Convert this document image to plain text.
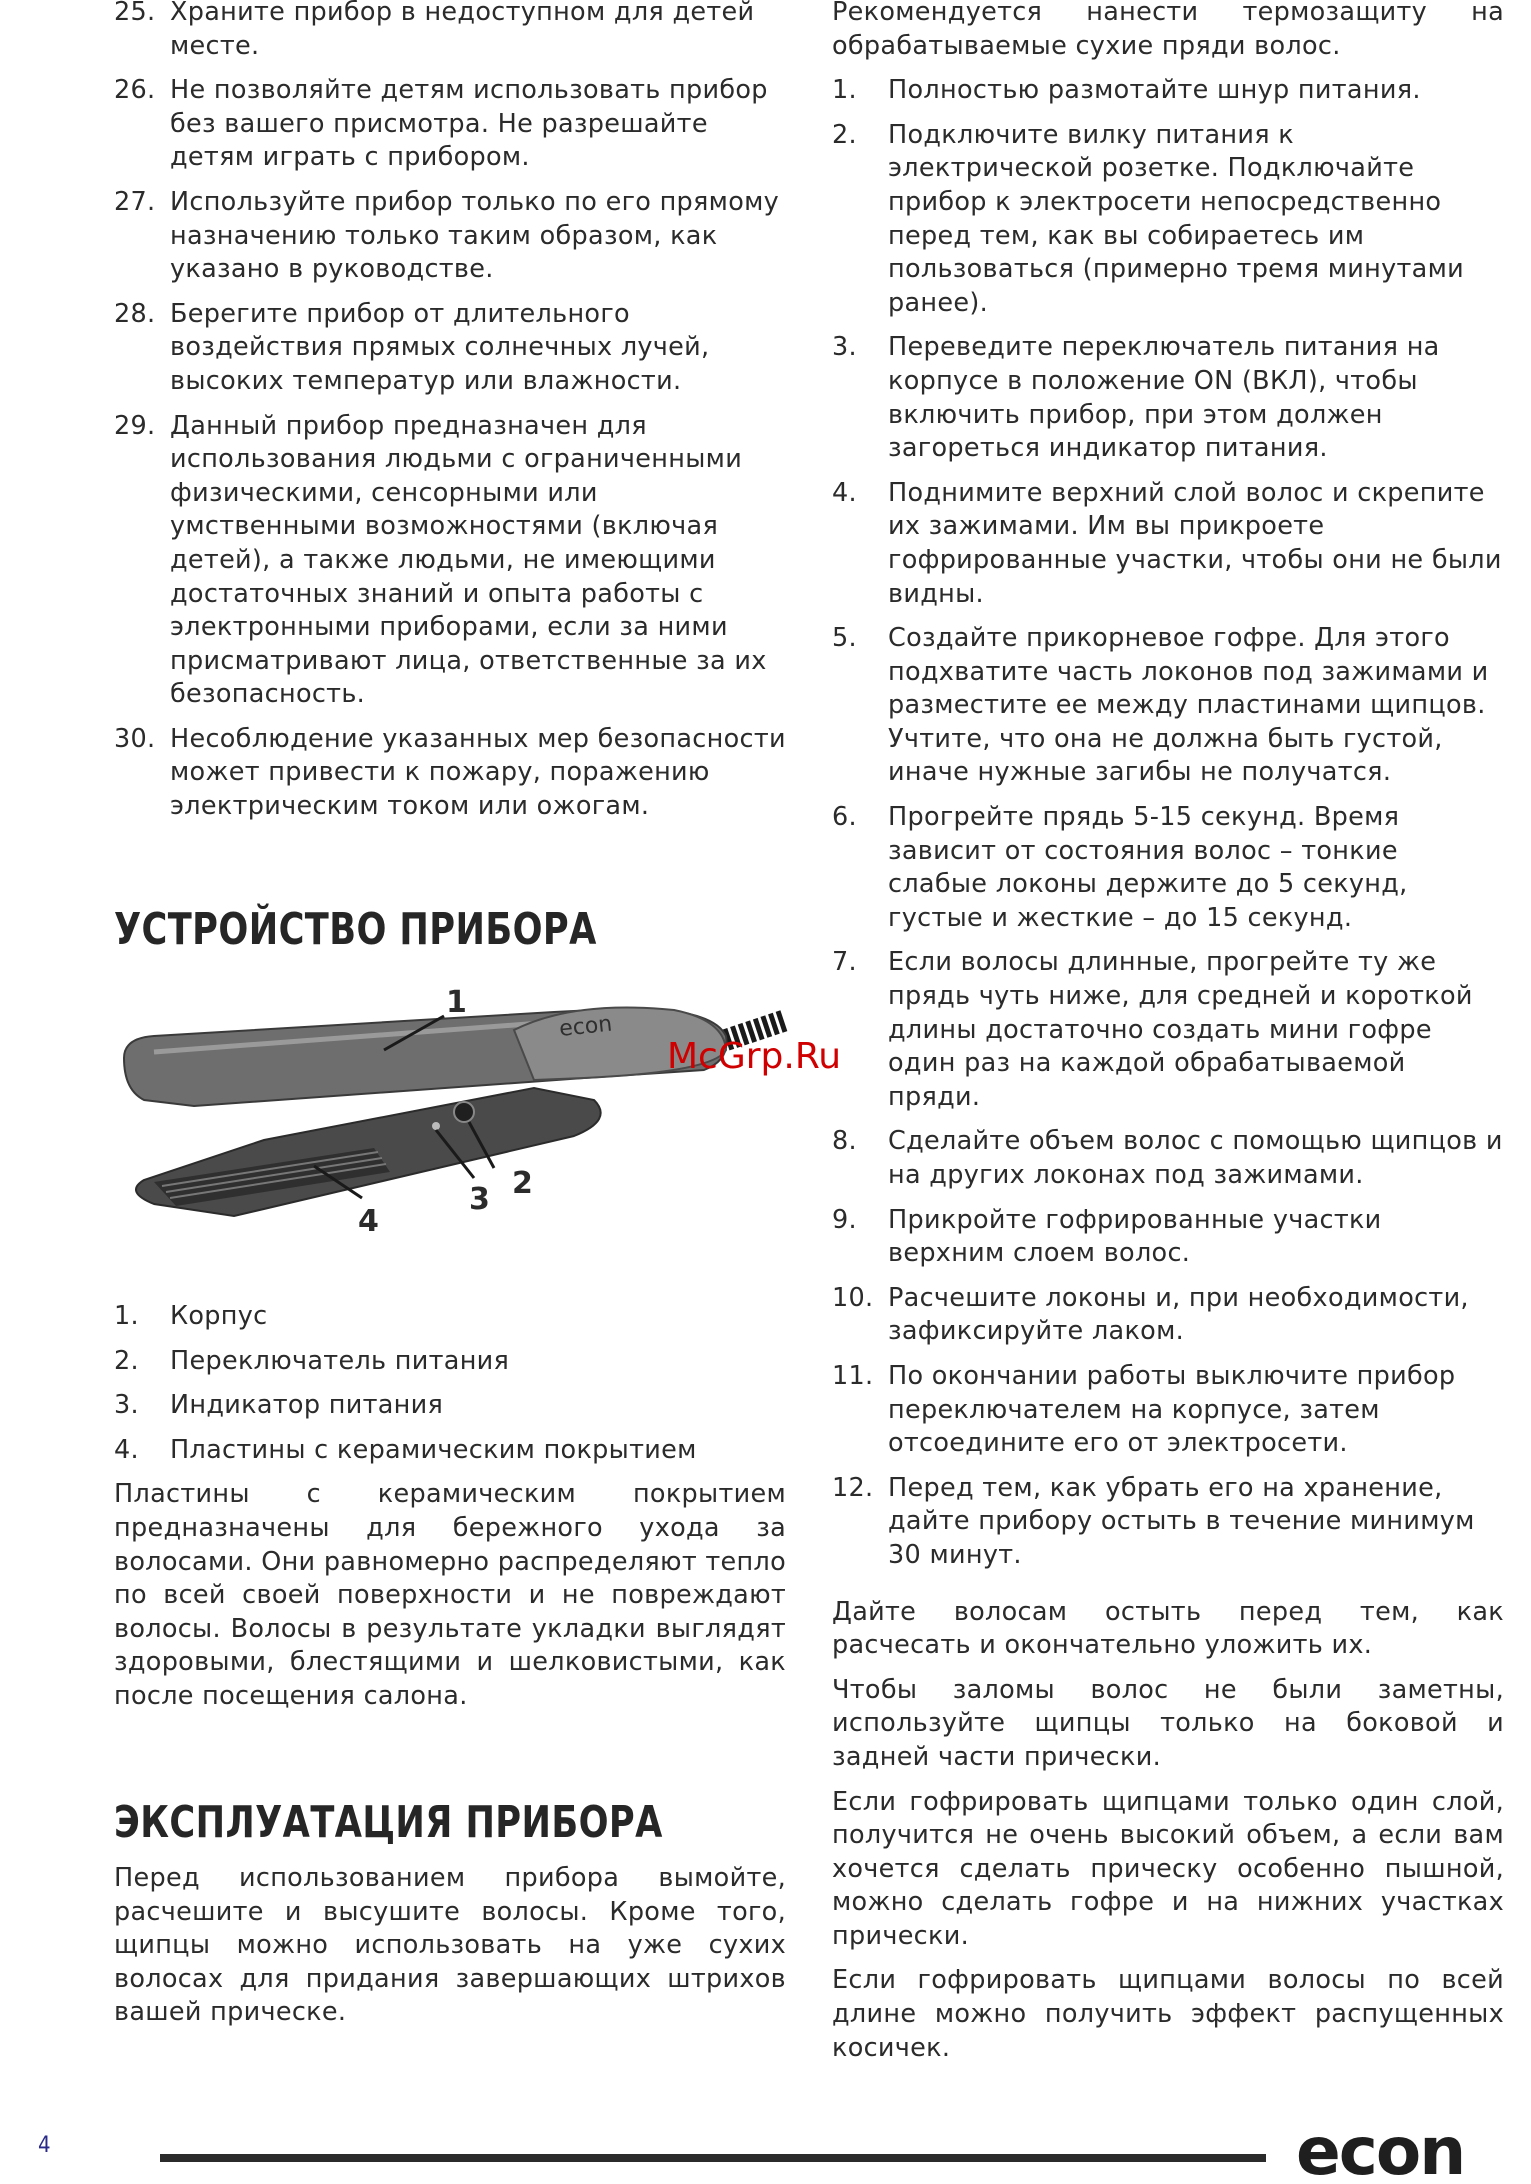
25. Храните прибор в недоступном для детей месте.
26. Не позволяйте детям использовать прибор без вашего присмотра. Не разрешайте детям играть с прибором.
27. Используйте прибор только по его прямому назначению только таким образом, как указано в руководстве.
28. Берегите прибор от длительного воздействия прямых солнечных лучей, высоких температур или влажности.
29. Данный прибор предназначен для использования людьми с ограниченными физическими, сенсорными или умственными возможностями (включая детей), а также людьми, не имеющими достаточных знаний и опыта работы с электронными приборами, если за ними присматривают лица, ответственные за их безопасность.
30. Несоблюдение указанных мер безопасности может привести к пожару, поражению электрическим током или ожогам.
УСТРОЙСТВО ПРИБОРА
econ
1
2
3
4
1. Корпус
2. Переключатель питания
3. Индикатор питания
4. Пластины с керамическим покрытием

Пластины с керамическим покрытием предназначены для бережного ухода за волосами. Они равномерно распределяют тепло по всей своей поверхности и не повреждают волосы. Волосы в результате укладки выглядят здоровыми, блестящими и шелковистыми, как после посещения салона.

ЭКСПЛУАТАЦИЯ ПРИБОРА

Перед использованием прибора вымойте, расчешите и высушите волосы. Кроме того, щипцы можно использовать на уже сухих волосах для придания завершающих штрихов вашей прическе.

Рекомендуется нанести термозащиту на обрабатываемые сухие пряди волос.

1. Полностью размотайте шнур питания.
2. Подключите вилку питания к электрической розетке. Подключайте прибор к электросети непосредственно перед тем, как вы собираетесь им пользоваться (примерно тремя минутами ранее).
3. Переведите переключатель питания на корпусе в положение ON (ВКЛ), чтобы включить прибор, при этом должен загореться индикатор питания.
4. Поднимите верхний слой волос и скрепите их зажимами. Им вы прикроете гофрированные участки, чтобы они не были видны.
5. Создайте прикорневое гофре. Для этого подхватите часть локонов под зажимами и разместите ее между пластинами щипцов. Учтите, что она не должна быть густой, иначе нужные загибы не получатся.
6. Прогрейте прядь 5-15 секунд. Время зависит от состояния волос – тонкие слабые локоны держите до 5 секунд, густые и жесткие – до 15 секунд.
7. Если волосы длинные, прогрейте ту же прядь чуть ниже, для средней и короткой длины достаточно создать мини гофре один раз на каждой обрабатываемой пряди.
8. Сделайте объем волос с помощью щипцов и на других локонах под зажимами.
9. Прикройте гофрированные участки верхним слоем волос.
10. Расчешите локоны и, при необходимости, зафиксируйте лаком.
11. По окончании работы выключите прибор переключателем на корпусе, затем отсоедините его от электросети.
12. Перед тем, как убрать его на хранение, дайте прибору остыть в течение минимум 30 минут.

Дайте волосам остыть перед тем, как расчесать и окончательно уложить их.

Чтобы заломы волос не были заметны, используйте щипцы только на боковой и задней части прически.

Если гофрировать щипцами только один слой, получится не очень высокий объем, а если вам хочется сделать прическу особенно пышной, можно сделать гофре и на нижних участках прически.

Если гофрировать щипцами волосы по всей длине можно получить эффект распущенных косичек.

McGrp.Ru
4	econ
